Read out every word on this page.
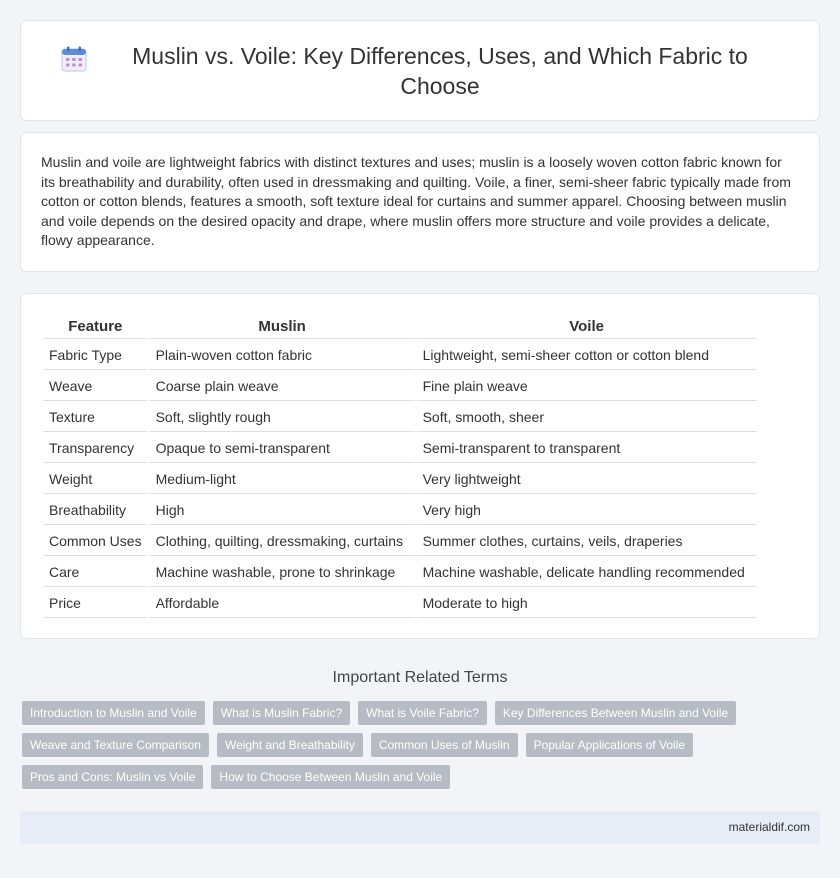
Muslin vs. Voile: Key Differences, Uses, and Which Fabric to Choose

Muslin and voile are lightweight fabrics with distinct textures and uses; muslin is a loosely woven cotton fabric known for its breathability and durability, often used in dressmaking and quilting. Voile, a finer, semi-sheer fabric typically made from cotton or cotton blends, features a smooth, soft texture ideal for curtains and summer apparel. Choosing between muslin and voile depends on the desired opacity and drape, where muslin offers more structure and voile provides a delicate, flowy appearance.

Feature	Muslin	Voile
Fabric Type	Plain-woven cotton fabric	Lightweight, semi-sheer cotton or cotton blend
Weave	Coarse plain weave	Fine plain weave
Texture	Soft, slightly rough	Soft, smooth, sheer
Transparency	Opaque to semi-transparent	Semi-transparent to transparent
Weight	Medium-light	Very lightweight
Breathability	High	Very high
Common Uses	Clothing, quilting, dressmaking, curtains	Summer clothes, curtains, veils, draperies
Care	Machine washable, prone to shrinkage	Machine washable, delicate handling recommended
Price	Affordable	Moderate to high
Important Related Terms
Introduction to Muslin and Voile	What is Muslin Fabric?	What is Voile Fabric?	Key Differences Between Muslin and Voile
Weave and Texture Comparison	Weight and Breathability	Common Uses of Muslin	Popular Applications of Voile
Pros and Cons: Muslin vs Voile	How to Choose Between Muslin and Voile
materialdif.com
